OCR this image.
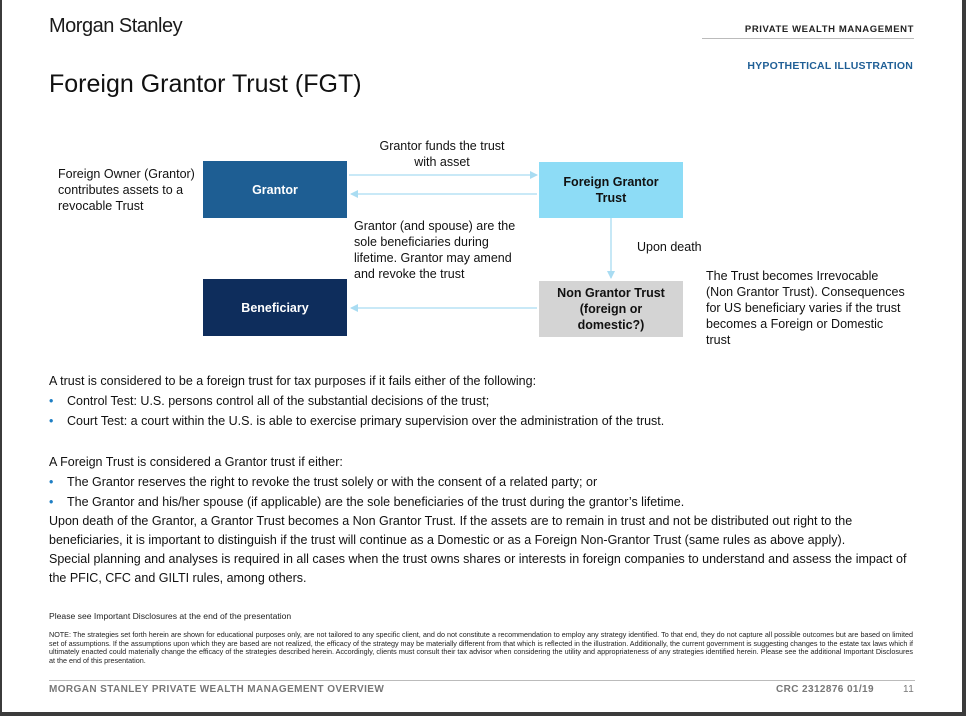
Morgan Stanley	PRIVATE WEALTH MANAGEMENT
HYPOTHETICAL ILLUSTRATION
Foreign Grantor Trust (FGT)
Grantor
Foreign Grantor Trust
Beneficiary
Non Grantor Trust (foreign or domestic?)
Foreign Owner (Grantor) contributes assets to a revocable Trust
Grantor funds the trust with asset
Grantor (and spouse) are the sole beneficiaries during lifetime. Grantor may amend and revoke the trust
Upon death
The Trust becomes Irrevocable (Non Grantor Trust). Consequences for US beneficiary varies if the trust becomes a Foreign or Domestic trust
A trust is considered to be a foreign trust for tax purposes if it fails either of the following:
• Control Test: U.S. persons control all of the substantial decisions of the trust;
• Court Test: a court within the U.S. is able to exercise primary supervision over the administration of the trust.
A Foreign Trust is considered a Grantor trust if either:
• The Grantor reserves the right to revoke the trust solely or with the consent of a related party; or
• The Grantor and his/her spouse (if applicable) are the sole beneficiaries of the trust during the grantor’s lifetime.
Upon death of the Grantor, a Grantor Trust becomes a Non Grantor Trust. If the assets are to remain in trust and not be distributed out right to the beneficiaries, it is important to distinguish if the trust will continue as a Domestic or as a Foreign Non-Grantor Trust (same rules as above apply).
Special planning and analyses is required in all cases when the trust owns shares or interests in foreign companies to understand and assess the impact of the PFIC, CFC and GILTI rules, among others.
Please see Important Disclosures at the end of the presentation
NOTE: The strategies set forth herein are shown for educational purposes only, are not tailored to any specific client, and do not constitute a recommendation to employ any strategy identified. To that end, they do not capture all possible outcomes but are based on limited set of assumptions. If the assumptions upon which they are based are not realized, the efficacy of the strategy may be materially different from that which is reflected in the illustration. Additionally, the current government is suggesting changes to the estate tax laws which if ultimately enacted could materially change the efficacy of the strategies described herein. Accordingly, clients must consult their tax advisor when considering the utility and appropriateness of any strategies identified herein. Please see the additional Important Disclosures at the end of this presentation.
MORGAN STANLEY PRIVATE WEALTH MANAGEMENT OVERVIEW	CRC 2312876 01/19	11
